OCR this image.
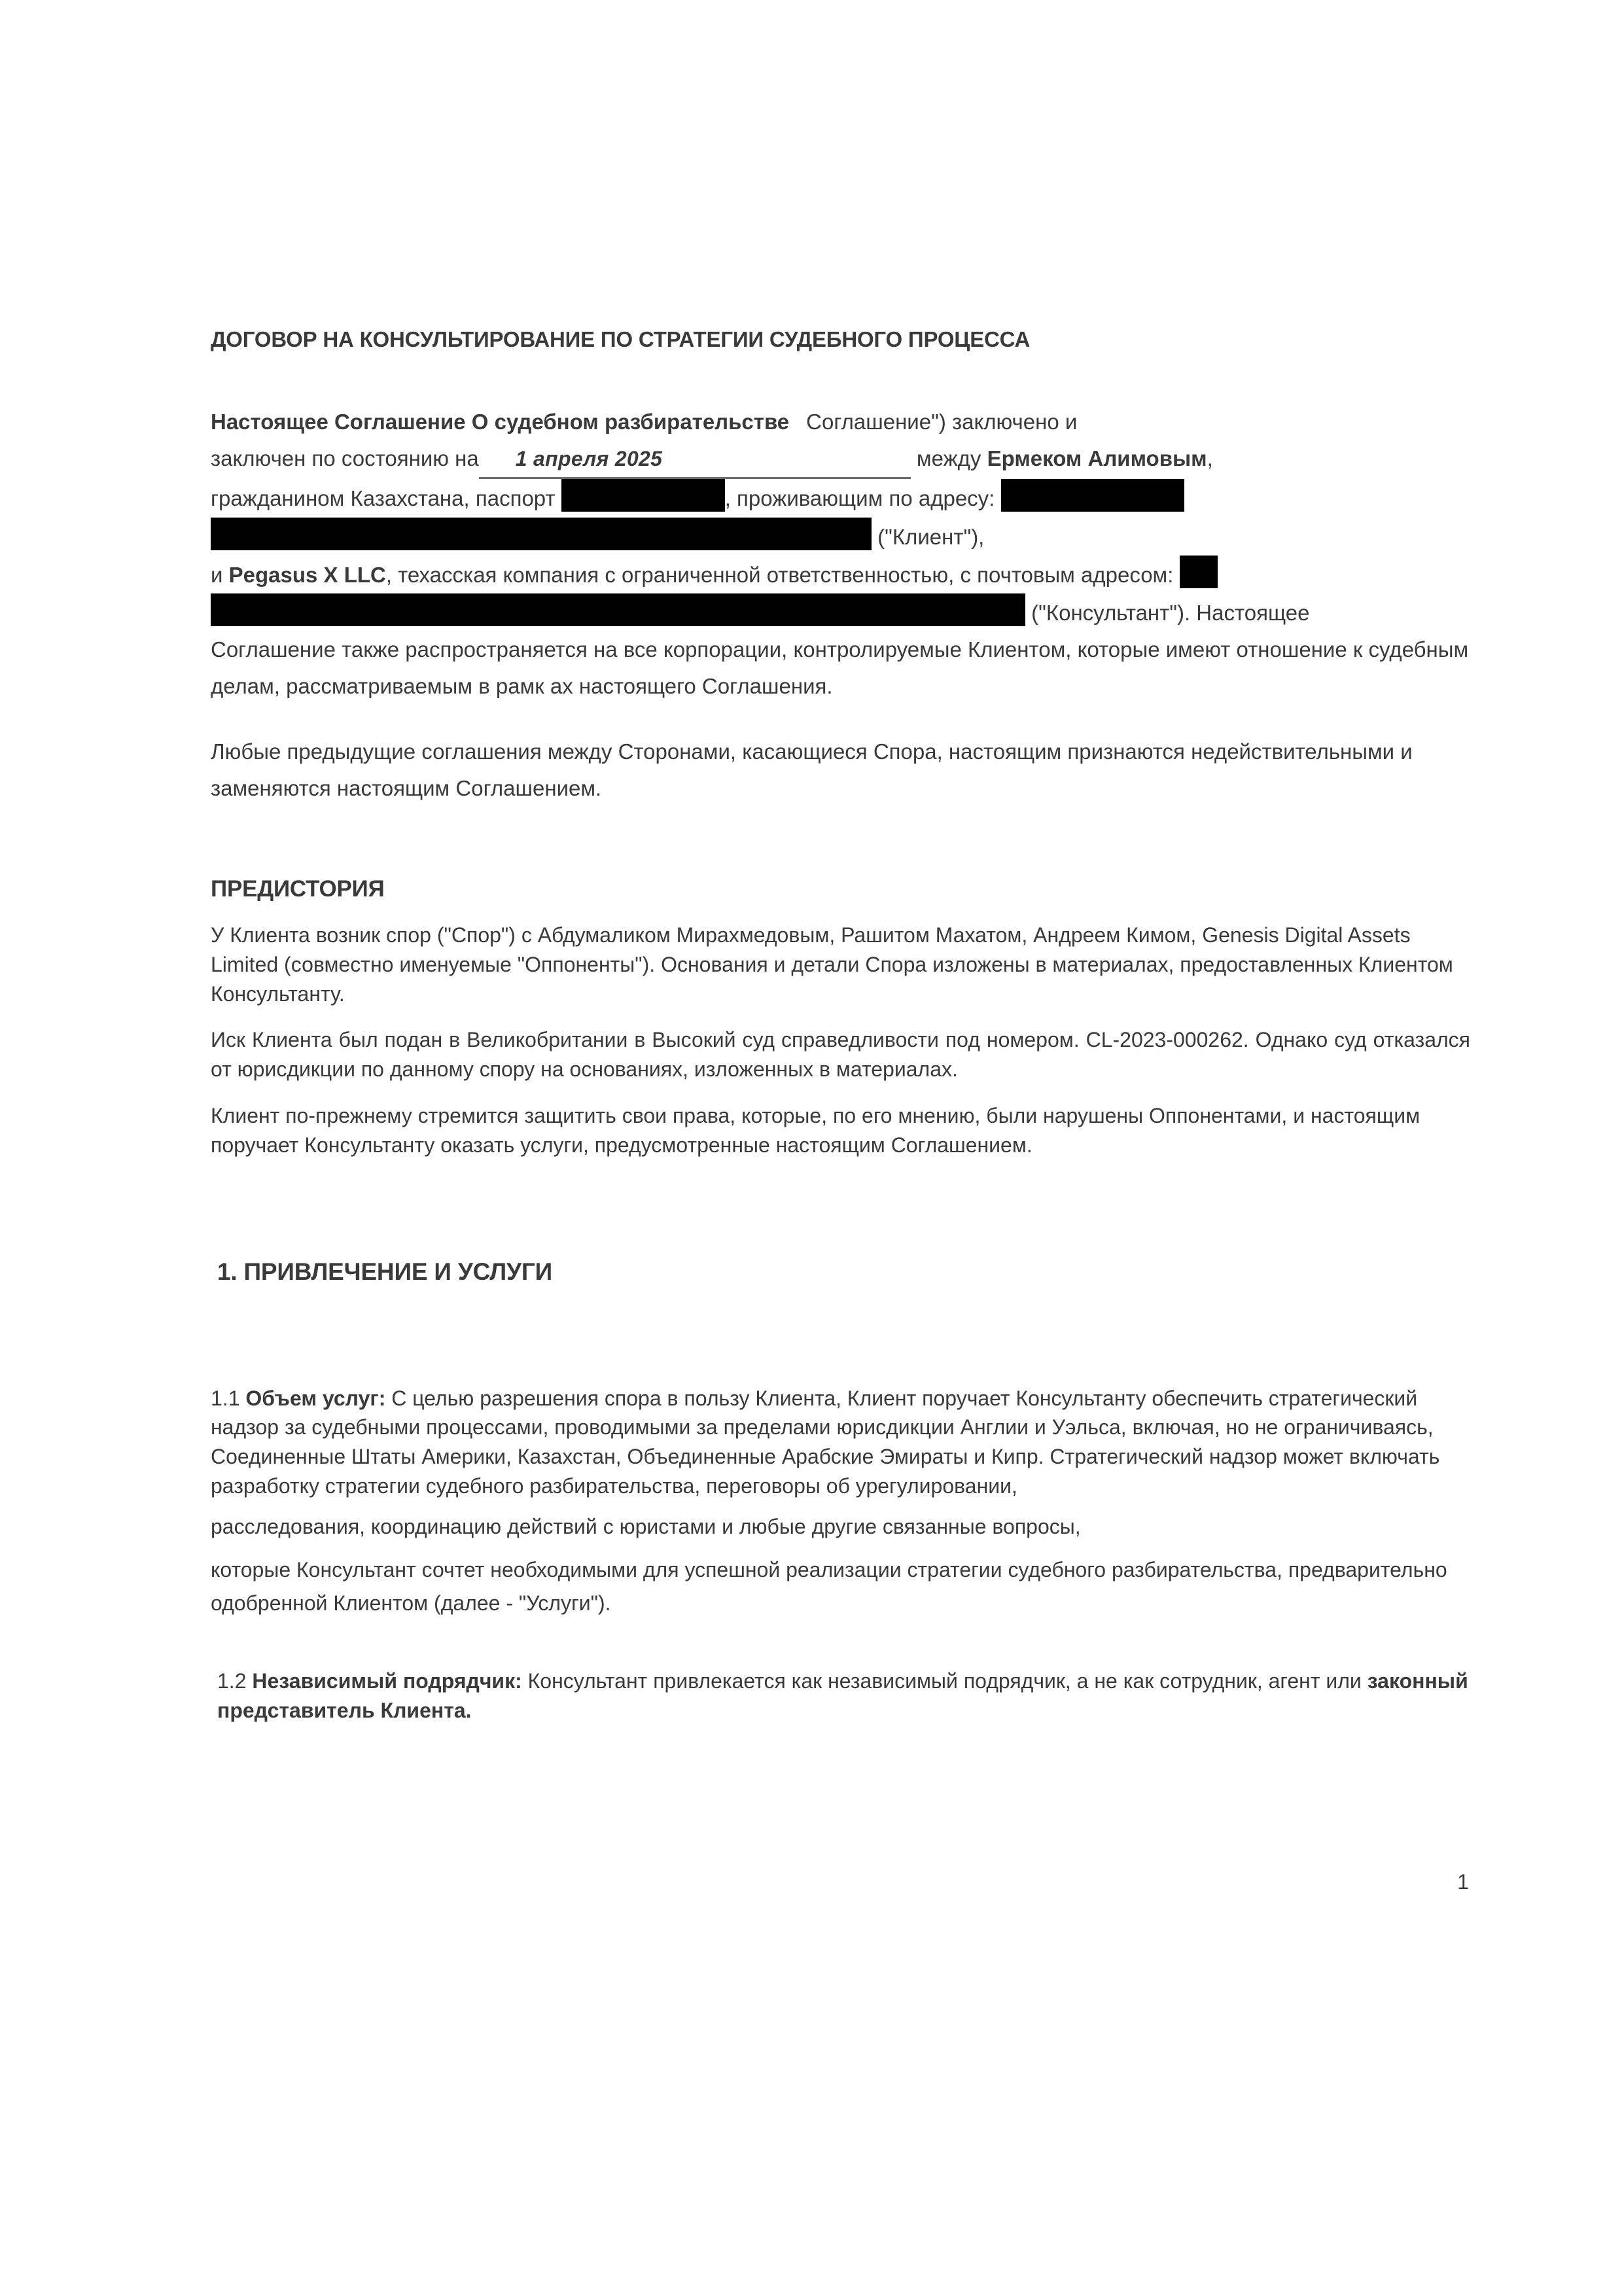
ДОГОВОР НА КОНСУЛЬТИРОВАНИЕ ПО СТРАТЕГИИ СУДЕБНОГО ПРОЦЕССА

Настоящее Соглашение О судебном разбирательстве Соглашение") заключено и

заключен по состоянию на 1 апреля 2025	между Ермеком Алимовым,

гражданином Казахстана, паспорт	, проживающим по адресу:

("Клиент"),

и Pegasus X LLC, техасская компания с ограниченной ответственностью, с почтовым адресом:

("Консультант"). Настоящее

Соглашение также распространяется на все корпорации, контролируемые Клиентом, которые имеют отношение к судебным делам, рассматриваемым в рамк ах настоящего Соглашения.

Любые предыдущие соглашения между Сторонами, касающиеся Спора, настоящим признаются недействительными и заменяются настоящим Соглашением.

ПРЕДИСТОРИЯ

У Клиента возник спор ("Спор") с Абдумаликом Мирахмедовым, Рашитом Махатом, Андреем Кимом, Genesis Digital Assets Limited (совместно именуемые "Оппоненты"). Основания и детали Спора изложены в материалах, предоставленных Клиентом Консультанту.

Иск Клиента был подан в Великобритании в Высокий суд справедливости под номером. CL-2023-000262. Однако суд отказался от юрисдикции по данному спору на основаниях, изложенных в материалах.

Клиент по-прежнему стремится защитить свои права, которые, по его мнению, были нарушены Оппонентами, и настоящим поручает Консультанту оказать услуги, предусмотренные настоящим Соглашением.

1. ПРИВЛЕЧЕНИЕ И УСЛУГИ

1.1 Объем услуг: С целью разрешения спора в пользу Клиента, Клиент поручает Консультанту обеспечить стратегический надзор за судебными процессами, проводимыми за пределами юрисдикции Англии и Уэльса, включая, но не ограничиваясь, Соединенные Штаты Америки, Казахстан, Объединенные Арабские Эмираты и Кипр. Стратегический надзор может включать разработку стратегии судебного разбирательства, переговоры об урегулировании,

расследования, координацию действий с юристами и любые другие связанные вопросы,

которые Консультант сочтет необходимыми для успешной реализации стратегии судебного разбирательства, предварительно одобренной Клиентом (далее - "Услуги").

1.2 Независимый подрядчик: Консультант привлекается как независимый подрядчик, а не как сотрудник, агент или законный представитель Клиента.

1
